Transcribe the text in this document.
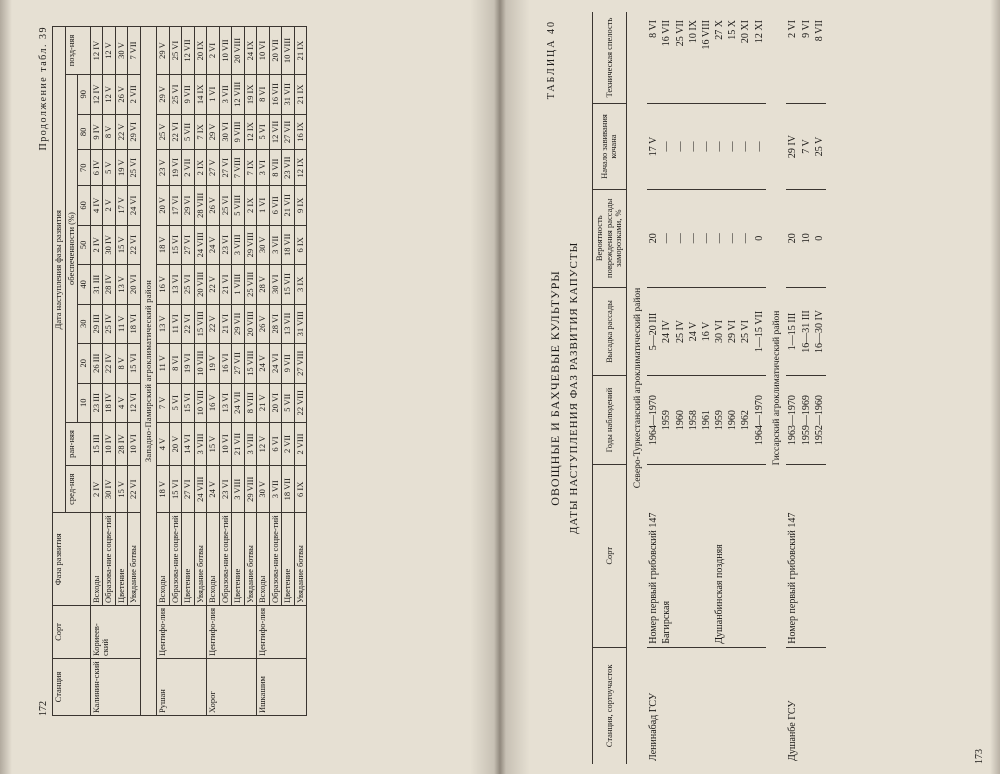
Продолжение табл. 39
172
Станция	Сорт	Фаза развития	Дата наступления фазы развития											
			сред-няя	ран-няя	обеспеченности (%)									позд-няя
					10	20	30	40	50	60	70	80	90	
Калинин-ский	Кориеев-ский	Всходы	2 IV	15 III	23 III	26 III	29 III	31 III	2 IV	4 IV	6 IV	9 IV	12 IV	12 IV
		Образова-ние соцве-тий	30 IV	10 IV	18 IV	22 IV	25 IV	28 IV	30 IV	2 V	5 V	8 V	12 V	12 V
		Цветение	15 V	28 IV	4 V	8 V	11 V	13 V	15 V	17 V	19 V	22 V	26 V	30 V
		Увядание ботвы	22 VI	10 VI	12 VI	15 VI	18 VI	20 VI	22 VI	24 VI	25 VI	29 VI	2 VII	7 VII
Западно-Памирский агроклиматический район														
Рушан	Центифо-лия	Всходы	18 V	4 V	7 V	11 V	13 V	16 V	18 V	20 V	23 V	25 V	29 V	29 V
		Образова-ние соцве-тий	15 VI	20 V	5 VI	8 VI	11 VI	13 VI	15 VI	17 VI	19 VI	22 VI	25 VI	25 VI
		Цветение	27 VI	14 VI	15 VI	19 VI	22 VI	25 VI	27 VI	29 VI	2 VII	5 VII	9 VII	12 VII
		Увядание ботвы	24 VIII	3 VIII	10 VIII	10 VIII	15 VIII	20 VIII	24 VIII	28 VIII	2 IX	7 IX	14 IX	20 IX
Хорог	Центифо-лия	Всходы	24 V	15 V	16 V	19 V	22 V	22 V	24 V	26 V	27 V	29 V	1 VI	2 VI
		Образова-ние соцве-тий	23 VI	10 VI	13 VI	16 VI	21 VI	21 VI	23 VI	25 VI	27 VI	30 VI	3 VII	10 VII
		Цветение	3 VIII	21 VII	24 VII	27 VII	29 VII	1 VIII	3 VIII	5 VIII	7 VIII	9 VIII	12 VIII	20 VIII
		Увядание ботвы	29 VIII	3 VIII	8 VIII	15 VIII	20 VIII	25 VIII	29 VIII	2 IX	7 IX	12 IX	19 IX	24 IX
Ишкашим	Центифо-лия	Всходы	30 V	12 V	21 V	24 V	26 V	28 V	30 V	1 VI	3 VI	5 VI	8 VI	10 VI
		Образова-ние соцве-тий	3 VII	6 VI	20 VI	24 VI	28 VI	30 VI	3 VII	6 VII	8 VII	12 VII	16 VII	20 VII
		Цветение	18 VII	2 VII	5 VII	9 VII	13 VII	15 VII	18 VII	21 VII	23 VII	27 VII	31 VII	10 VIII
		Увядание ботвы	6 IX	2 VIII	22 VIII	27 VIII	31 VIII	3 IX	6 IX	9 IX	12 IX	16 IX	21 IX	21 IX
ОВОЩНЫЕ И БАХЧЕВЫЕ КУЛЬТУРЫ
ТАБЛИЦА 40
ДАТЫ НАСТУПЛЕНИЯ ФАЗ РАЗВИТИЯ КАПУСТЫ
173
Станция, сортоучасток	Сорт	Годы наблюдений	Высадка рассады	Вероятность повреждения рассады заморозками, %	Начало завивания кочана	Техническая спелость
Северо-Туркестанский агроклиматический район						
Ленинабад ГСУ	Номер первый грибовский 147	1964—1970	5—20 III	20	17 V	8 VI
	Багирская	1959	24 IV	—	—	16 VII
		1960	25 IV	—	—	25 VII
		1958	24 V	—	—	10 IX
		1961	16 V	—	—	16 VIII
	Душанбинская поздняя	1959	30 VI	—	—	27 X
		1960	29 VI	—	—	15 X
		1962	25 VI	—	—	20 XI
		1964—1970	1—15 VII	0	—	12 XI
Гиссарский агроклиматический район						
Душанбе ГСУ	Номер первый грибовский 147	1963—1970	1—15 III	20	29 IV	2 VI
		1959—1969	16—31 III	10	7 V	9 VI
		1952—1960	16—30 IV	0	25 V	8 VII
